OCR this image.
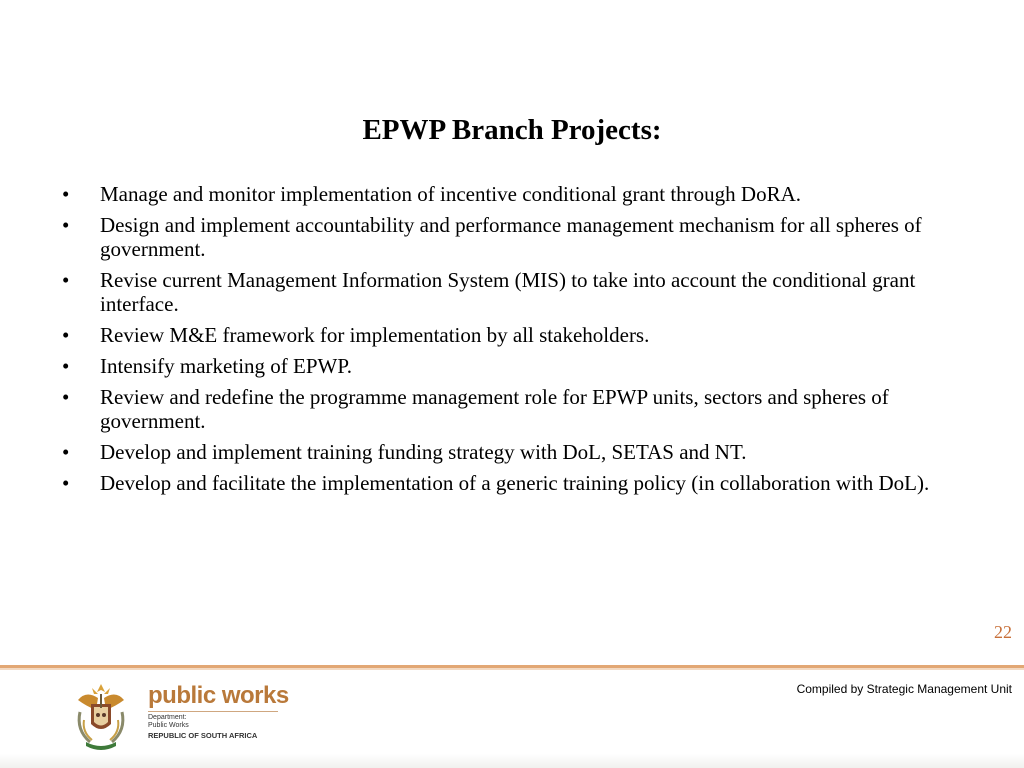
EPWP Branch Projects:
•	Manage and monitor implementation of incentive conditional grant through DoRA.
•	Design and implement accountability and performance management mechanism for all spheres of government.
•	Revise current Management Information System (MIS) to take into account the conditional grant interface.
•	Review M&E framework for implementation by all stakeholders.
•	Intensify marketing of EPWP.
•	Review and redefine the programme management role for EPWP units, sectors and spheres of government.
•	Develop and implement training funding strategy with DoL, SETAS and NT.
•	Develop and facilitate the implementation of a generic training policy (in collaboration with DoL).
22
Compiled by Strategic Management Unit
public works
Department:
Public Works
REPUBLIC OF SOUTH AFRICA
